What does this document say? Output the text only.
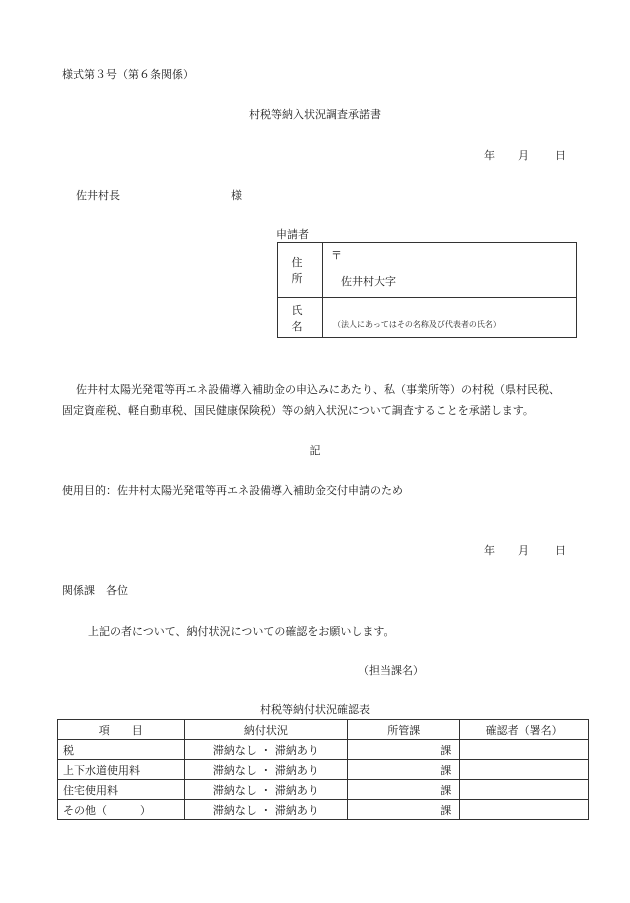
様式第３号（第６条関係）
村税等納入状況調査承諾書
年 月 日
佐井村長	様
申請者
住　所	〒
佐井村大字

氏　名	（法人にあってはその名称及び代表者の氏名）
佐井村太陽光発電等再エネ設備導入補助金の申込みにあたり、私（事業所等）の村税（県村民税、
固定資産税、軽自動車税、国民健康保険税）等の納入状況について調査することを承諾します。
記
使用目的：佐井村太陽光発電等再エネ設備導入補助金交付申請のため
年 月 日
関係課　各位
上記の者について、納付状況についての確認をお願いします。
（担当課名）
村税等納付状況確認表
項　　目	納付状況	所管課	確認者（署名）
税	滞納なし ・ 滞納あり	課	
上下水道使用料	滞納なし ・ 滞納あり	課	
住宅使用料	滞納なし ・ 滞納あり	課	
その他（　　　）	滞納なし ・ 滞納あり	課	
